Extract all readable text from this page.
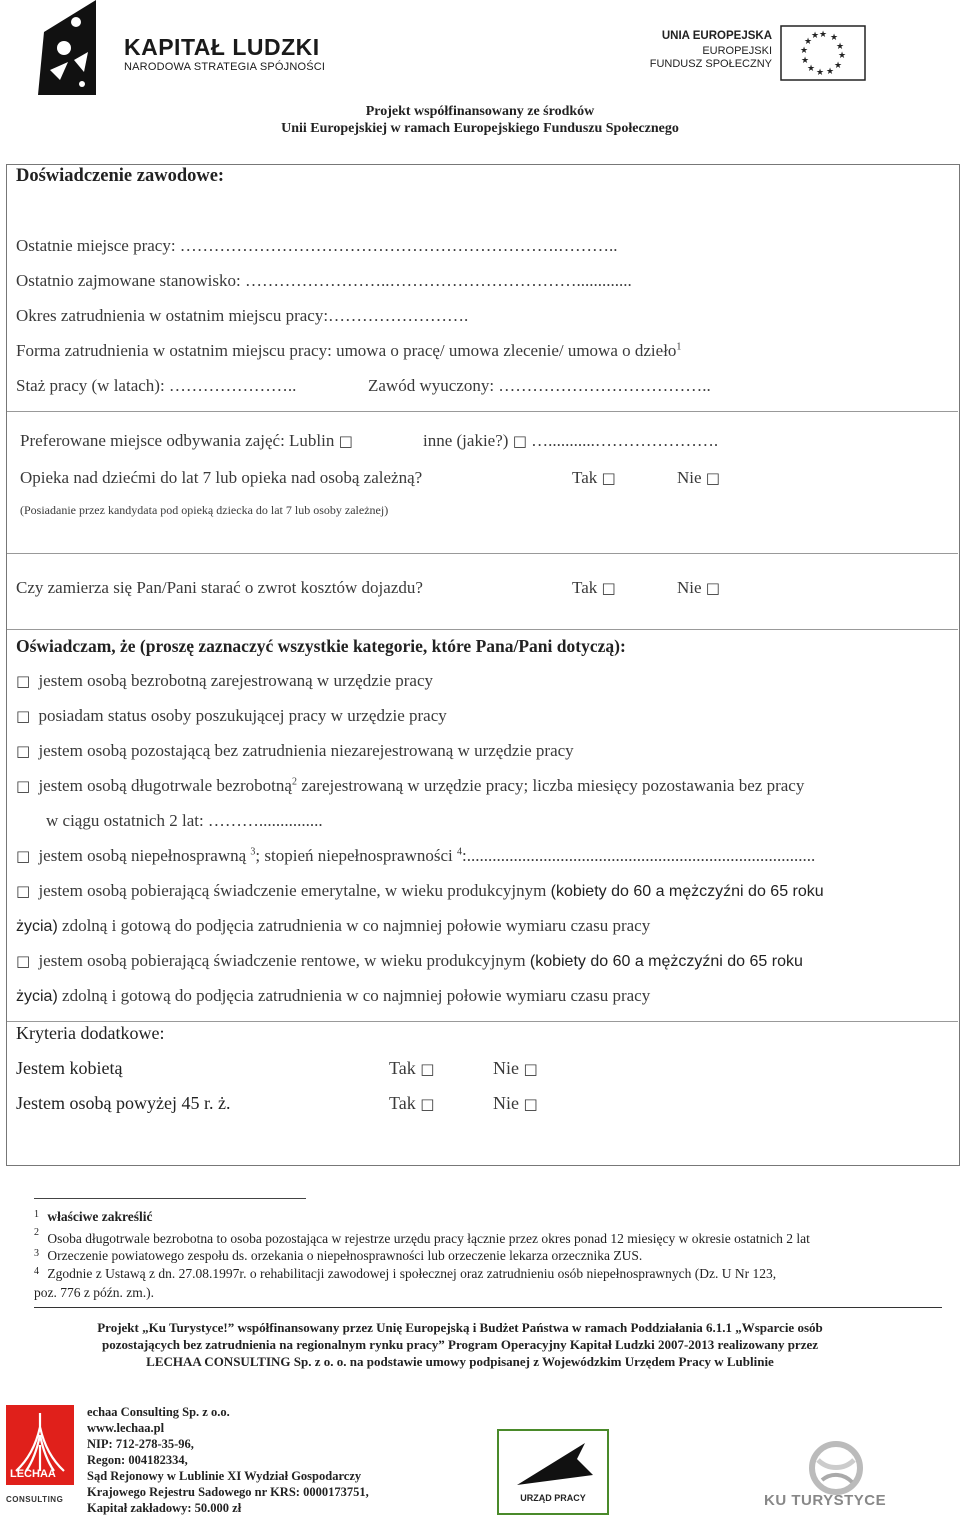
KAPITAŁ LUDZKI
NARODOWA STRATEGIA SPÓJNOŚCI
UNIA EUROPEJSKA
EUROPEJSKI
FUNDUSZ SPOŁECZNY
★ ★
★
★
★
★
★
★
★
★
★
★
Projekt współfinansowany ze środków
Unii Europejskiej w ramach Europejskiego Funduszu Społecznego
Doświadczenie zawodowe:
Ostatnie miejsce pracy: ………………………………………………………….………..
Ostatnio zajmowane stanowisko: ……………………..…………………………….............
Okres zatrudnienia w ostatnim miejscu pracy:…………………….
Forma zatrudnienia w ostatnim miejscu pracy: umowa o pracę/ umowa zlecenie/ umowa o dzieło$^1$
Staż pracy (w latach): …………………..	Zawód wyuczony: ………………………………..
Preferowane miejsce odbywania zajęć: Lublin □	inne (jakie?) □ …...........………………….
Opieka nad dziećmi do lat 7 lub opieka nad osobą zależną?	Tak □	Nie □
(Posiadanie przez kandydata pod opieką dziecka do lat 7 lub osoby zależnej)
Czy zamierza się Pan/Pani starać o zwrot kosztów dojazdu?	Tak □	Nie □
Oświadczam, że (proszę zaznaczyć wszystkie kategorie, które Pana/Pani dotyczą):
□ jestem osobą bezrobotną zarejestrowaną w urzędzie pracy
□ posiadam status osoby poszukującej pracy w urzędzie pracy
□ jestem osobą pozostającą bez zatrudnienia niezarejestrowaną w urzędzie pracy
□ jestem osobą długotrwale bezrobotną$^2$ zarejestrowaną w urzędzie pracy; liczba miesięcy pozostawania bez pracy
w ciągu ostatnich 2 lat: ………...............
□ jestem osobą niepełnosprawną $^3$; stopień niepełnosprawności $^4$:..................................................................................
□ jestem osobą pobierającą świadczenie emerytalne, w wieku produkcyjnym (kobiety do 60 a mężczyźni do 65 roku
życia) zdolną i gotową do podjęcia zatrudnienia w co najmniej połowie wymiaru czasu pracy
□ jestem osobą pobierającą świadczenie rentowe, w wieku produkcyjnym (kobiety do 60 a mężczyźni do 65 roku
życia) zdolną i gotową do podjęcia zatrudnienia w co najmniej połowie wymiaru czasu pracy
Kryteria dodatkowe:
Jestem kobietą	Tak □	Nie □
Jestem osobą powyżej 45 r. ż.	Tak □	Nie □
$^1$ właściwe zakreślić
$^2$ Osoba długotrwale bezrobotna to osoba pozostająca w rejestrze urzędu pracy łącznie przez okres ponad 12 miesięcy w okresie ostatnich 2 lat
$^3$ Orzeczenie powiatowego zespołu ds. orzekania o niepełnosprawności lub orzeczenie lekarza orzecznika ZUS.
$^4$ Zgodnie z Ustawą z dn. 27.08.1997r. o rehabilitacji zawodowej i społecznej oraz zatrudnieniu osób niepełnosprawnych (Dz. U Nr 123,
poz. 776 z późn. zm.).
Projekt „Ku Turystyce!” współfinansowany przez Unię Europejską i Budżet Państwa w ramach Poddziałania 6.1.1 „Wsparcie osób
pozostających bez zatrudnienia na regionalnym rynku pracy” Program Operacyjny Kapitał Ludzki 2007-2013 realizowany przez
LECHAA CONSULTING Sp. z o. o. na podstawie umowy podpisanej z Wojewódzkim Urzędem Pracy w Lublinie
LECHAA
CONSULTING
echaa Consulting Sp. z o.o.
www.lechaa.pl
NIP: 712-278-35-96,
Regon: 004182334,
Sąd Rejonowy w Lublinie XI Wydział Gospodarczy
Krajowego Rejestru Sadowego nr KRS: 0000173751,
Kapitał zakładowy: 50.000 zł
URZĄD PRACY	KU TURYSTYCE
